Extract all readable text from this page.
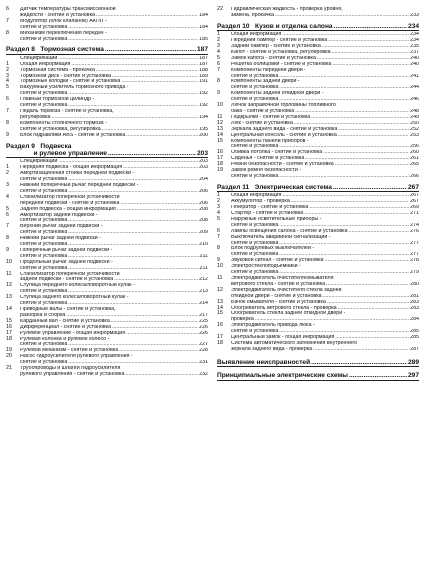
6	Датчик температуры трансмиссионной
жидкости - снятие и установка .....	184
7	Модулятор (блок клапанов) АКПП -
снятие и установка .....	184
8	Механизм переключения передач -
снятие и установка .....	185
Раздел 8   Тормозная система .....	187
Спецификации .....	187
1	Общая информация .....	187
2	Тормозная система - прокачка .....	188
3	Тормозной диск - снятие и установка .....	189
4	Тормозные колодки - снятие и установка .....	191
5	Вакуумный усилитель тормозного привода -
снятие и установка .....	192
6	Главный тормозной цилиндр -
снятие и установка .....	192
7	Педаль тормоза - снятие и установка,
регулировка .....	194
8	Компоненты стояночного тормоза -
снятие и установка, регулировка .....	195
9	Блок гидравлики ABS - снятие и установка .....	200
Раздел 9   Подвеска
и рулевое управление .....	203
Спецификации .....	203
1	Передняя подвеска - общая информация .....	203
2	Амортизационная стойка передней подвески -
снятие и установка .....	204
3	Нижний поперечный рычаг передней подвески -
снятие и установка .....	206
4	Стабилизатор поперечной устойчивости
передней подвески - снятие и установка .....	206
5	Задняя подвеска - общая информация .....	208
6	Амортизатор задней подвески -
снятие и установка .....	208
7	Верхний рычаг задней подвески -
снятие и установка .....	209
8	Нижний рычаг задней подвески -
снятие и установка .....	210
9	Поперечный рычаг задней подвески -
снятие и установка .....	211
10	Продольный рычаг задней подвески -
снятие и установка .....	211
11	Стабилизатор поперечной устойчивости
задней подвески - снятие и установка .....	212
12	Ступица переднего колеса/поворотный кулак -
снятие и установка .....	213
13	Ступица заднего колеса/поворотный кулак -
снятие и установка .....	214
14	Приводные валы - снятие и установка,
разборка и сборка .....	217
15	Карданный вал - снятие и установка .....	225
16	Дифференциал - снятие и установка .....	226
17	Рулевое управление - общая информация .....	226
18	Рулевая колонка и рулевое колесо -
снятие и установка .....	227
19	Рулевой механизм - снятие и установка .....	228
20	Насос гидроусилителя рулевого управления -
снятие и установка .....	231
21	Трубопроводы и шланги гидроусилителя
рулевого управления - снятие и установка .....	232
22	Гидравлическая жидкость - проверка уровня,
замена, прокачка .....	233
Раздел 10   Кузов и отделка салона .....	234
1	Общая информация .....	234
2	Передний бампер - снятие и установка .....	234
3	Задний бампер - снятие и установка .....	235
4	Капот - снятие и установка, регулировка .....	237
5	Замок капота - снятие и установка .....	240
6	Решетка облицовки - снятие и установка .....	240
7	Компоненты передней двери -
снятие и установка .....	241
8	Компоненты задней двери -
снятие и установка .....	244
9	Компоненты задней откидной двери -
снятие и установка .....	246
10	Лючок заправочной горловины топливного
бака - снятие и установка .....	248
11	Подкрылки - снятие и установка .....	249
12	Люк - снятие и установка .....	250
13	Зеркала заднего вида - снятие и установка .....	252
14	Центральная консоль - снятие и установка .....	253
15	Компоненты панели приборов -
снятие и установка .....	256
16	Обивка потолка - снятие и установка .....	260
17	Сиденья - снятие и установка .....	261
18	Ремни безопасности - снятие и установка .....	265
19	Замок ремня безопасности -
снятие и установка .....	266
Раздел 11   Электрическая система .....	267
1	Общая информация .....	267
2	Аккумулятор - проверка .....	267
3	Генератор - снятие и установка .....	269
4	Стартер - снятие и установка .....	271
5	Наружные осветительные приборы -
снятие и установка .....	274
6	Лампы освещения салона - снятие и установка .....	276
7	Выключатель аварийной сигнализации -
снятие и установка .....	277
8	Блок подрулевых выключателей -
снятие и установка .....	277
9	Звуковой сигнал - снятие и установка .....	278
10	Электростеклоподъемники -
снятие и установка .....	279
11	Электродвигатель очистителя/омывателя
ветрового стекла - снятие и установка .....	280
12	Электродвигатель очистителя стекла задней
откидной двери - снятие и установка .....	281
13	Бачок омывателя - снятие и установка .....	283
14	Обогреватель ветрового стекла - проверка .....	283
15	Обогреватель стекла задней откидной двери -
проверка .....	284
16	Электродвигатель привода люка -
снятие и установка .....	285
17	Центральный замок - общая информация .....	285
18	Система автоматического затемнения внутреннего
зеркала заднего вида - проверка .....	287
Выявление неисправностей .....	289
Принципиальные электрические схемы .....	297
